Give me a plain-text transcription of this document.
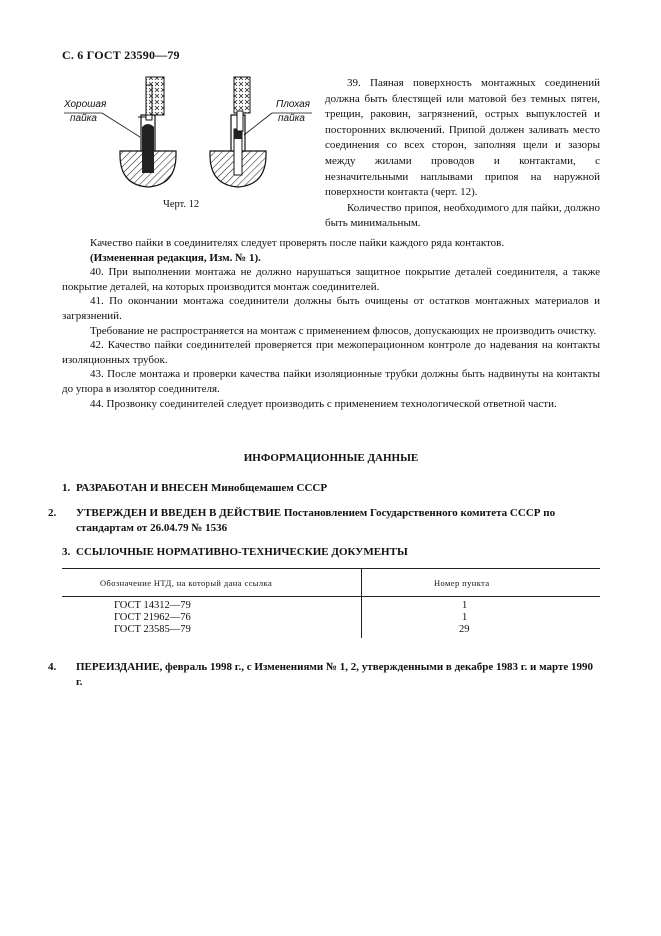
С. 6 ГОСТ 23590—79
Хорошая
пайка
Плохая
пайка
Черт. 12

39. Паяная поверхность монтажных соединений должна быть блестящей или матовой без темных пятен, трещин, раковин, загрязнений, острых выпуклостей и посторонних включений. Припой должен заливать место соединения со всех сторон, заполняя щели и зазоры между жилами проводов и контактами, с незначительными наплывами припоя на наружной поверхности контакта (черт. 12).

Количество припоя, необходимого для пайки, должно быть минимальным.

Качество пайки в соединителях следует проверять после пайки каждого ряда контактов.

(Измененная редакция, Изм. № 1).

40. При выполнении монтажа не должно нарушаться защитное покрытие деталей соединителя, а также покрытие деталей, на которых производится монтаж соединителей.

41. По окончании монтажа соединители должны быть очищены от остатков монтажных материалов и загрязнений.

Требование не распространяется на монтаж с применением флюсов, допускающих не производить очистку.

42. Качество пайки соединителей проверяется при межоперационном контроле до надевания на контакты изоляционных трубок.

43. После монтажа и проверки качества пайки изоляционные трубки должны быть надвинуты на контакты до упора в изолятор соединителя.

44. Прозвонку соединителей следует производить с применением технологической ответной части.

ИНФОРМАЦИОННЫЕ ДАННЫЕ
1. РАЗРАБОТАН И ВНЕСЕН Минобщемашем СССР
2. УТВЕРЖДЕН И ВВЕДЕН В ДЕЙСТВИЕ Постановлением Государственного комитета СССР по стандартам от 26.04.79 № 1536
3. ССЫЛОЧНЫЕ НОРМАТИВНО-ТЕХНИЧЕСКИЕ ДОКУМЕНТЫ
Обозначение НТД, на который дана ссылка	Номер пункта
ГОСТ 14312—79	1
ГОСТ 21962—76	1
ГОСТ 23585—79	29
4. ПЕРЕИЗДАНИЕ, февраль 1998 г., с Изменениями № 1, 2, утвержденными в декабре 1983 г. и марте 1990 г.
